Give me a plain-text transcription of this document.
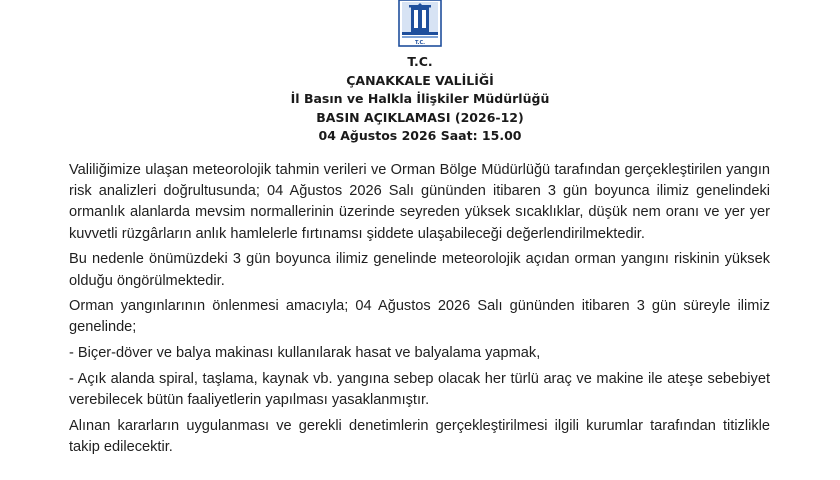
T.C.
T.C.
ÇANAKKALE VALİLİĞİ
İl Basın ve Halkla İlişkiler Müdürlüğü
BASIN AÇIKLAMASI (2026-12)
04 Ağustos 2026 Saat: 15.00

Valiliğimize ulaşan meteorolojik tahmin verileri ve Orman Bölge Müdürlüğü tarafından gerçekleştirilen yangın risk analizleri doğrultusunda; 04 Ağustos 2026 Salı gününden itibaren 3 gün boyunca ilimiz genelindeki ormanlık alanlarda mevsim normallerinin üzerinde seyreden yüksek sıcaklıklar, düşük nem oranı ve yer yer kuvvetli rüzgârların anlık hamlelerle fırtınamsı şiddete ulaşabileceği değerlendirilmektedir.

Bu nedenle önümüzdeki 3 gün boyunca ilimiz genelinde meteorolojik açıdan orman yangını riskinin yüksek olduğu öngörülmektedir.

Orman yangınlarının önlenmesi amacıyla; 04 Ağustos 2026 Salı gününden itibaren 3 gün süreyle ilimiz genelinde;

- Biçer-döver ve balya makinası kullanılarak hasat ve balyalama yapmak,

- Açık alanda spiral, taşlama, kaynak vb. yangına sebep olacak her türlü araç ve makine ile ateşe sebebiyet verebilecek bütün faaliyetlerin yapılması yasaklanmıştır.

Alınan kararların uygulanması ve gerekli denetimlerin gerçekleştirilmesi ilgili kurumlar tarafından titizlikle takip edilecektir.
